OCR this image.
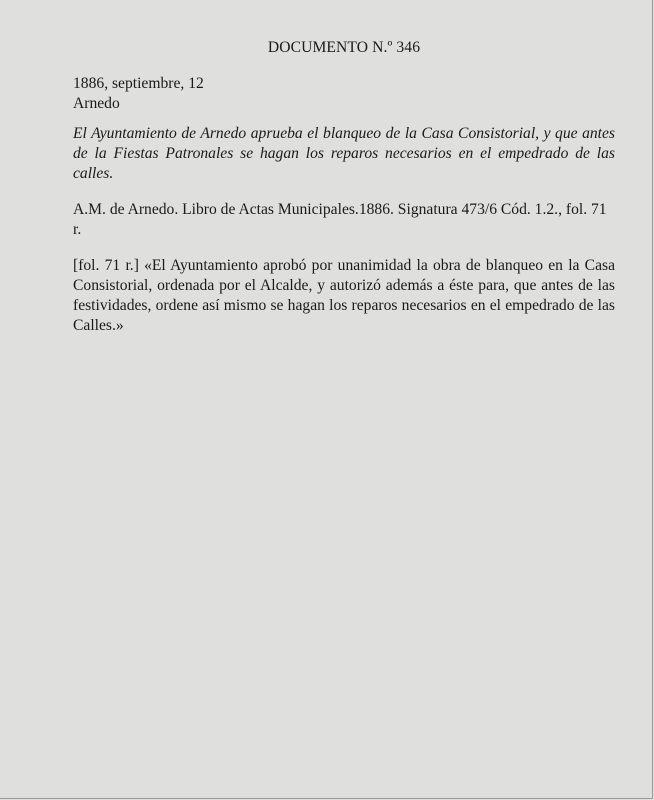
DOCUMENTO N.º 346

1886, septiembre, 12

Arnedo

El Ayuntamiento de Arnedo aprueba el blanqueo de la Casa Consistorial, y que antes de la Fiestas Patronales se hagan los reparos necesarios en el empedrado de las calles.

A.M. de Arnedo. Libro de Actas Municipales.1886. Signatura 473/6 Cód. 1.2., fol. 71 r.

[fol. 71 r.] «El Ayuntamiento aprobó por unanimidad la obra de blanqueo en la Casa Consistorial, ordenada por el Alcalde, y autorizó además a éste para, que antes de las festividades, ordene así mismo se hagan los reparos necesarios en el empedrado de las Calles.»
